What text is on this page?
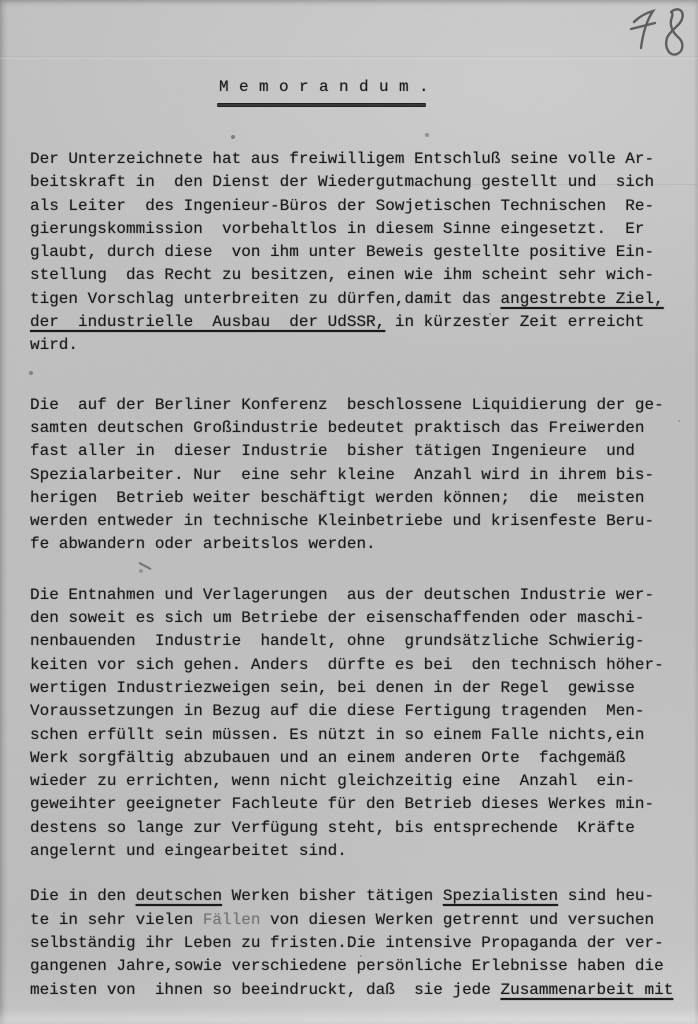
M e m o r a n d u m .
Der Unterzeichnete hat aus freiwilligem Entschluß seine volle Ar-
beitskraft in  den Dienst der Wiedergutmachung gestellt und  sich
als Leiter  des Ingenieur-Büros der Sowjetischen Technischen  Re-
gierungskommission  vorbehaltlos in diesem Sinne eingesetzt.  Er
glaubt, durch diese  von ihm unter Beweis gestellte positive Ein-
stellung  das Recht zu besitzen, einen wie ihm scheint sehr wich-
tigen Vorschlag unterbreiten zu dürfen,damit das angestrebte Ziel,
der  industrielle  Ausbau  der UdSSR, in kürzester Zeit erreicht
wird.
Die  auf der Berliner Konferenz  beschlossene Liquidierung der ge-
samten deutschen Großindustrie bedeutet praktisch das Freiwerden
fast aller in  dieser Industrie  bisher tätigen Ingenieure  und
Spezialarbeiter. Nur  eine sehr kleine  Anzahl wird in ihrem bis-
herigen  Betrieb weiter beschäftigt werden können;  die  meisten
werden entweder in technische Kleinbetriebe und krisenfeste Beru-
fe abwandern oder arbeitslos werden.
Die Entnahmen und Verlagerungen  aus der deutschen Industrie wer-
den soweit es sich um Betriebe der eisenschaffenden oder maschi-
nenbauenden  Industrie  handelt, ohne  grundsätzliche Schwierig-
keiten vor sich gehen. Anders  dürfte es bei  den technisch höher-
wertigen Industriezweigen sein, bei denen in der Regel  gewisse
Voraussetzungen in Bezug auf die diese Fertigung tragenden  Men-
schen erfüllt sein müssen. Es nützt in so einem Falle nichts,ein
Werk sorgfältig abzubauen und an einem anderen Orte  fachgemäß
wieder zu errichten, wenn nicht gleichzeitig eine  Anzahl  ein-
geweihter geeigneter Fachleute für den Betrieb dieses Werkes min-
destens so lange zur Verfügung steht, bis entsprechende  Kräfte
angelernt und eingearbeitet sind.
Die in den deutschen Werken bisher tätigen Spezialisten sind heu-
te in sehr vielen Fällen von diesen Werken getrennt und versuchen
selbständig ihr Leben zu fristen.Die intensive Propaganda der ver-
gangenen Jahre,sowie verschiedene persönliche Erlebnisse haben die
meisten von  ihnen so beeindruckt, daß  sie jede Zusammenarbeit mit
